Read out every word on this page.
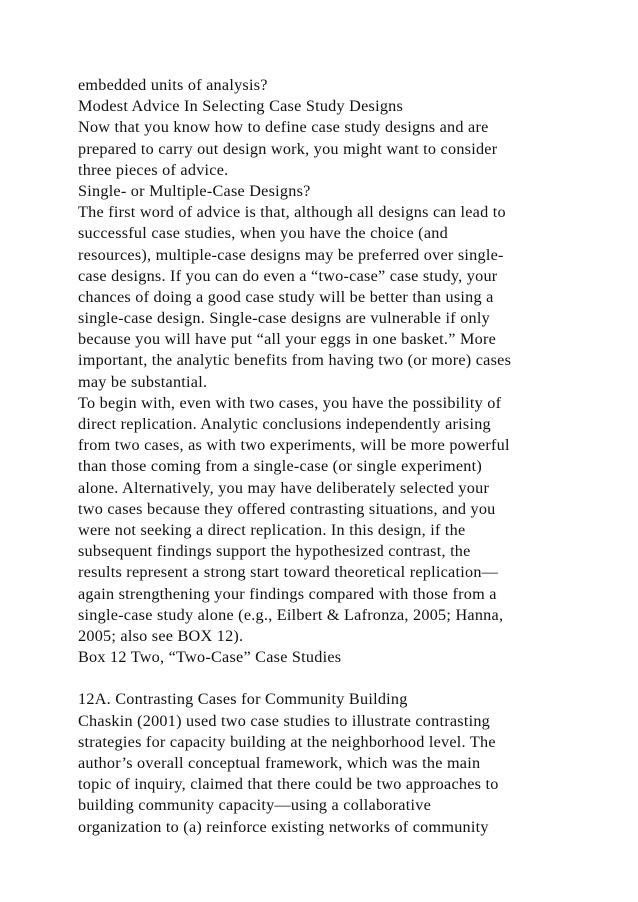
embedded units of analysis?
Modest Advice In Selecting Case Study Designs
Now that you know how to define case study designs and are
prepared to carry out design work, you might want to consider
three pieces of advice.
Single- or Multiple-Case Designs?
The first word of advice is that, although all designs can lead to
successful case studies, when you have the choice (and
resources), multiple-case designs may be preferred over single-
case designs. If you can do even a “two-case” case study, your
chances of doing a good case study will be better than using a
single-case design. Single-case designs are vulnerable if only
because you will have put “all your eggs in one basket.” More
important, the analytic benefits from having two (or more) cases
may be substantial.
To begin with, even with two cases, you have the possibility of
direct replication. Analytic conclusions independently arising
from two cases, as with two experiments, will be more powerful
than those coming from a single-case (or single experiment)
alone. Alternatively, you may have deliberately selected your
two cases because they offered contrasting situations, and you
were not seeking a direct replication. In this design, if the
subsequent findings support the hypothesized contrast, the
results represent a strong start toward theoretical replication—
again strengthening your findings compared with those from a
single-case study alone (e.g., Eilbert & Lafronza, 2005; Hanna,
2005; also see BOX 12).
Box 12 Two, “Two-Case” Case Studies
12A. Contrasting Cases for Community Building
Chaskin (2001) used two case studies to illustrate contrasting
strategies for capacity building at the neighborhood level. The
author’s overall conceptual framework, which was the main
topic of inquiry, claimed that there could be two approaches to
building community capacity—using a collaborative
organization to (a) reinforce existing networks of community
